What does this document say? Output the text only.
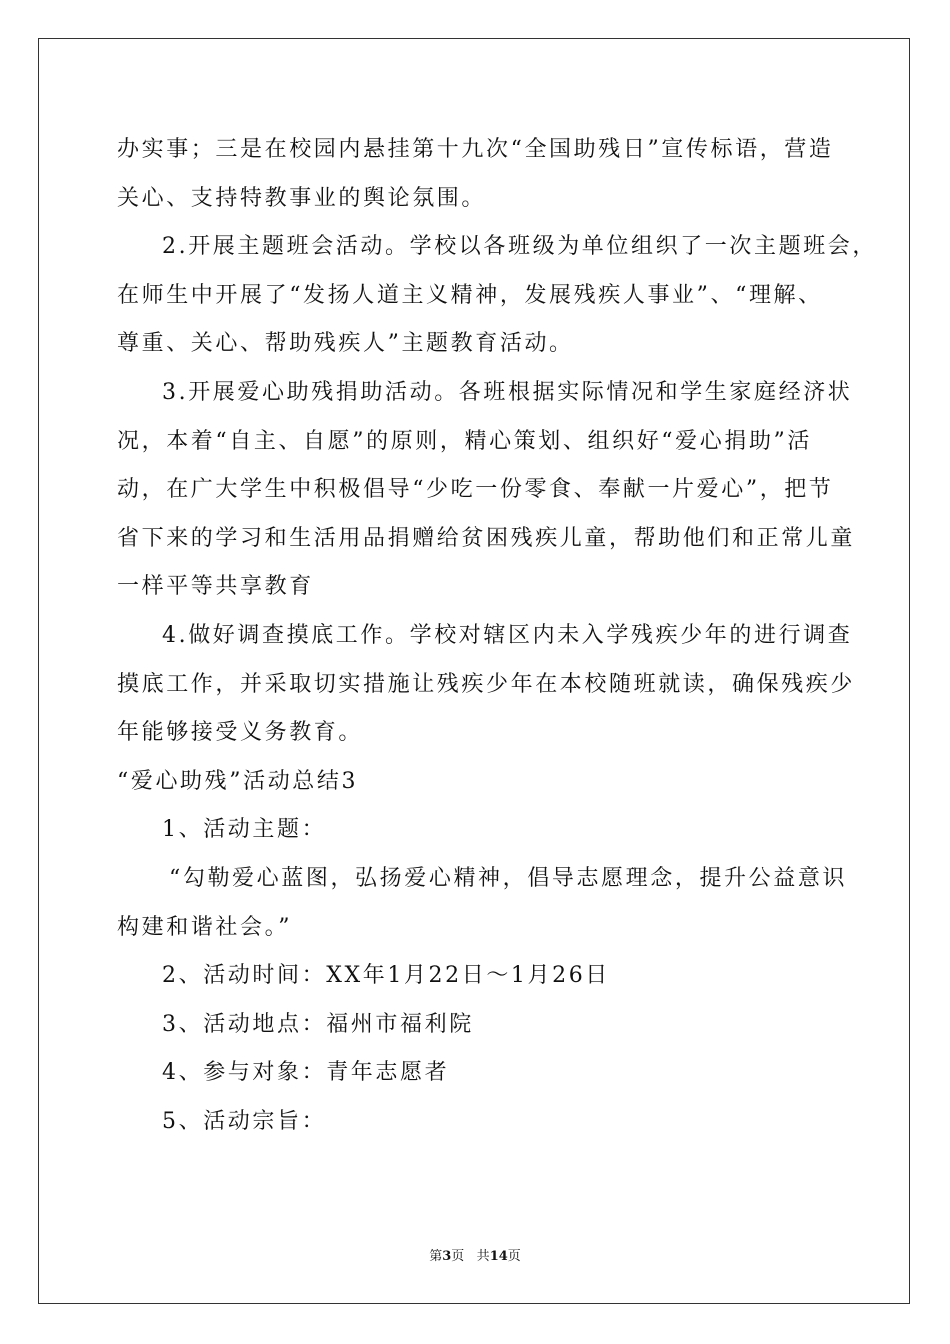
办实事；三是在校园内悬挂第十九次“全国助残日”宣传标语，营造
关心、支持特教事业的舆论氛围。
2.开展主题班会活动。学校以各班级为单位组织了一次主题班会，
在师生中开展了“发扬人道主义精神，发展残疾人事业”、“理解、
尊重、关心、帮助残疾人”主题教育活动。
3.开展爱心助残捐助活动。各班根据实际情况和学生家庭经济状
况，本着“自主、自愿”的原则，精心策划、组织好“爱心捐助”活
动，在广大学生中积极倡导“少吃一份零食、奉献一片爱心”，把节
省下来的学习和生活用品捐赠给贫困残疾儿童，帮助他们和正常儿童
一样平等共享教育
4.做好调查摸底工作。学校对辖区内未入学残疾少年的进行调查
摸底工作，并采取切实措施让残疾少年在本校随班就读，确保残疾少
年能够接受义务教育。
“爱心助残”活动总结3
1、活动主题：
“勾勒爱心蓝图，弘扬爱心精神，倡导志愿理念，提升公益意识
构建和谐社会。”
2、活动时间：XX年1月22日～1月26日
3、活动地点：福州市福利院
4、参与对象：青年志愿者
5、活动宗旨：
第3页 共14页
